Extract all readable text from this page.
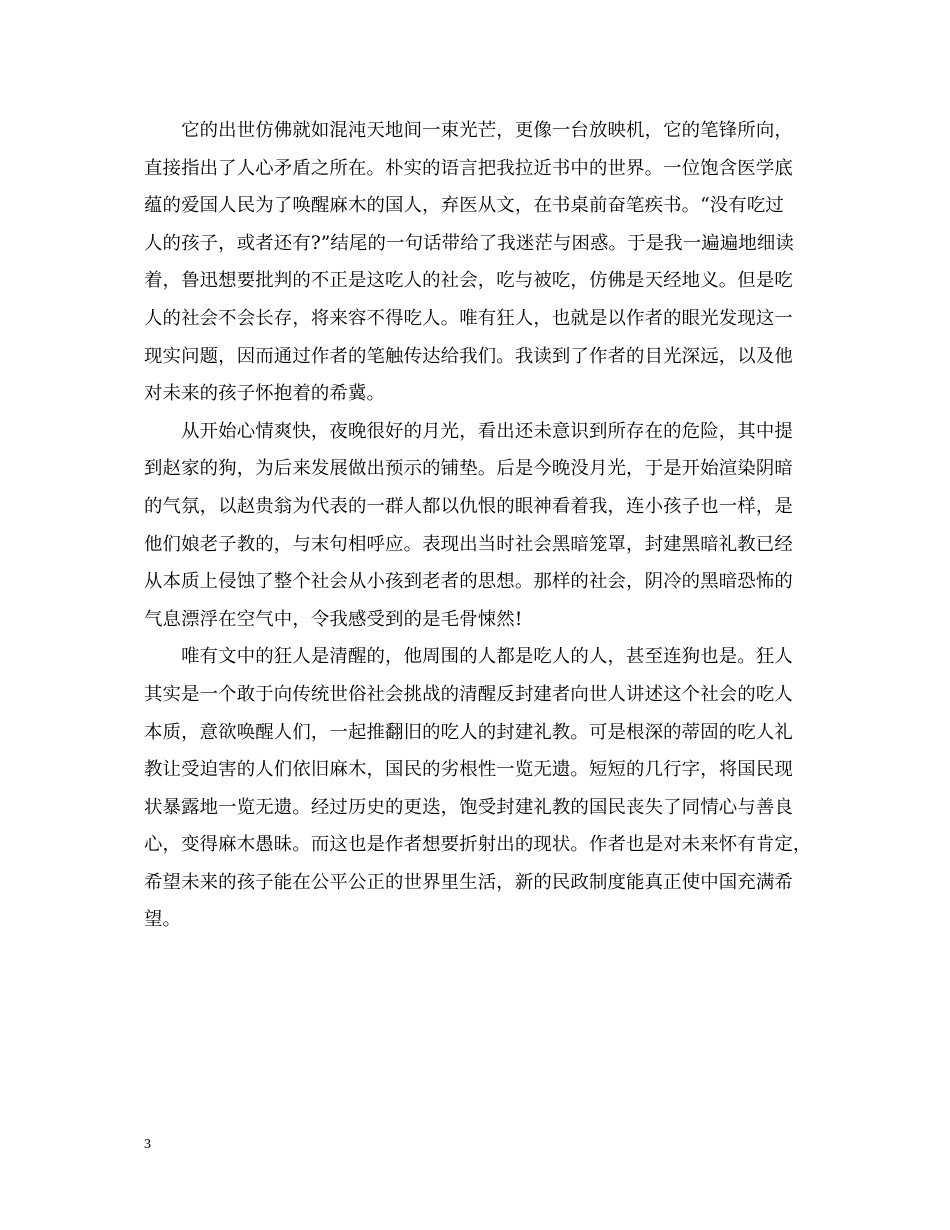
　　它的出世仿佛就如混沌天地间一束光芒，更像一台放映机，它的笔锋所向，
直接指出了人心矛盾之所在。朴实的语言把我拉近书中的世界。一位饱含医学底
蕴的爱国人民为了唤醒麻木的国人，弃医从文，在书桌前奋笔疾书。“没有吃过
人的孩子，或者还有?”结尾的一句话带给了我迷茫与困惑。于是我一遍遍地细读
着，鲁迅想要批判的不正是这吃人的社会，吃与被吃，仿佛是天经地义。但是吃
人的社会不会长存，将来容不得吃人。唯有狂人，也就是以作者的眼光发现这一
现实问题，因而通过作者的笔触传达给我们。我读到了作者的目光深远，以及他
对未来的孩子怀抱着的希冀。
　　从开始心情爽快，夜晚很好的月光，看出还未意识到所存在的危险，其中提
到赵家的狗，为后来发展做出预示的铺垫。后是今晚没月光，于是开始渲染阴暗
的气氛，以赵贵翁为代表的一群人都以仇恨的眼神看着我，连小孩子也一样，是
他们娘老子教的，与末句相呼应。表现出当时社会黑暗笼罩，封建黑暗礼教已经
从本质上侵蚀了整个社会从小孩到老者的思想。那样的社会，阴冷的黑暗恐怖的
气息漂浮在空气中，令我感受到的是毛骨悚然!
　　唯有文中的狂人是清醒的，他周围的人都是吃人的人，甚至连狗也是。狂人
其实是一个敢于向传统世俗社会挑战的清醒反封建者向世人讲述这个社会的吃人
本质，意欲唤醒人们，一起推翻旧的吃人的封建礼教。可是根深的蒂固的吃人礼
教让受迫害的人们依旧麻木，国民的劣根性一览无遗。短短的几行字，将国民现
状暴露地一览无遗。经过历史的更迭，饱受封建礼教的国民丧失了同情心与善良
心，变得麻木愚昧。而这也是作者想要折射出的现状。作者也是对未来怀有肯定，
希望未来的孩子能在公平公正的世界里生活，新的民政制度能真正使中国充满希
望。
3
